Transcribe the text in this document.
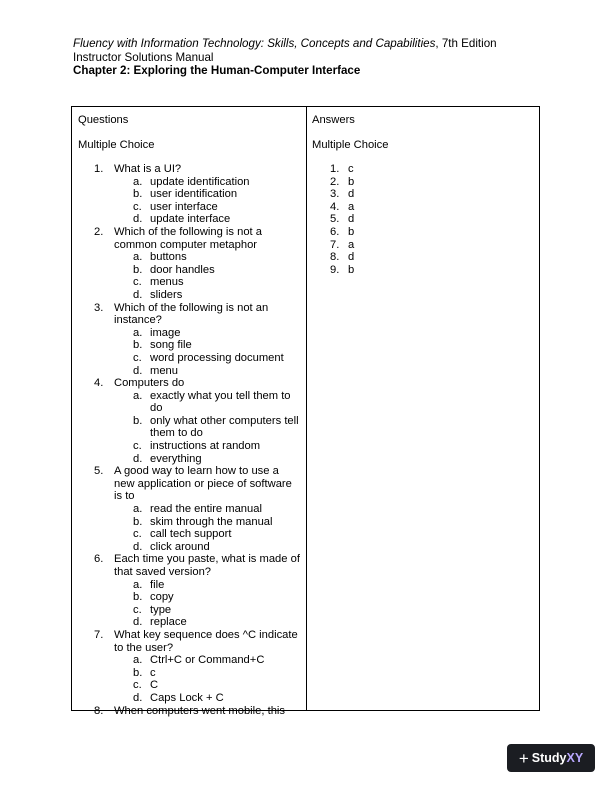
Fluency with Information Technology: Skills, Concepts and Capabilities, 7th Edition
Instructor Solutions Manual
Chapter 2: Exploring the Human-Computer Interface
Questions
Multiple Choice
1. What is a UI?
a. update identification
b. user identification
c. user interface
d. update interface
2. Which of the following is not a common computer metaphor
a. buttons
b. door handles
c. menus
d. sliders
3. Which of the following is not an instance?
a. image
b. song file
c. word processing document
d. menu
4. Computers do
a. exactly what you tell them to do
b. only what other computers tell them to do
c. instructions at random
d. everything
5. A good way to learn how to use a new application or piece of software is to
a. read the entire manual
b. skim through the manual
c. call tech support
d. click around
6. Each time you paste, what is made of that saved version?
a. file
b. copy
c. type
d. replace
7. What key sequence does ^C indicate to the user?
a. Ctrl+C or Command+C
b. c
c. C
d. Caps Lock + C
8. When computers went mobile, this
Answers
Multiple Choice
1. c
2. b
3. d
4. a
5. d
6. b
7. a
8. d
9. b
+ Study XY
